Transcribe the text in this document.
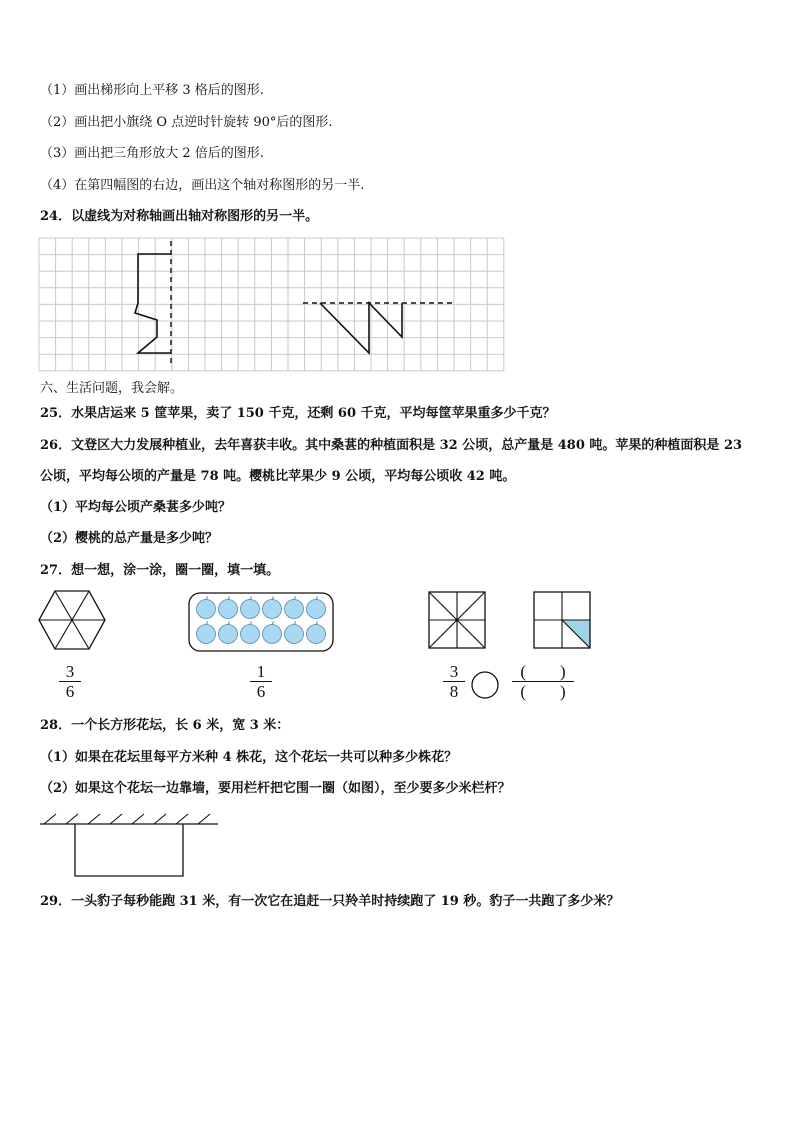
（1）画出梯形向上平移 3 格后的图形.
（2）画出把小旗绕 O 点逆时针旋转 90°后的图形.
（3）画出把三角形放大 2 倍后的图形.
（4）在第四幅图的右边，画出这个轴对称图形的另一半.
24．以虚线为对称轴画出轴对称图形的另一半。
六、生活问题，我会解。
25．水果店运来 5 筐苹果，卖了 150 千克，还剩 60 千克，平均每筐苹果重多少千克？
26．文登区大力发展种植业，去年喜获丰收。其中桑葚的种植面积是 32 公顷，总产量是 480 吨。苹果的种植面积是 23
公顷，平均每公顷的产量是 78 吨。樱桃比苹果少 9 公顷，平均每公顷收 42 吨。
（1）平均每公顷产桑葚多少吨？
（2）樱桃的总产量是多少吨？
27．想一想，涂一涂，圈一圈，填一填。
3
6
1
6
3
8
(　　)
(　　)
28．一个长方形花坛，长 6 米，宽 3 米：
（1）如果在花坛里每平方米种 4 株花，这个花坛一共可以种多少株花？
（2）如果这个花坛一边靠墙，要用栏杆把它围一圈（如图），至少要多少米栏杆？
29．一头豹子每秒能跑 31 米，有一次它在追赶一只羚羊时持续跑了 19 秒。豹子一共跑了多少米？
